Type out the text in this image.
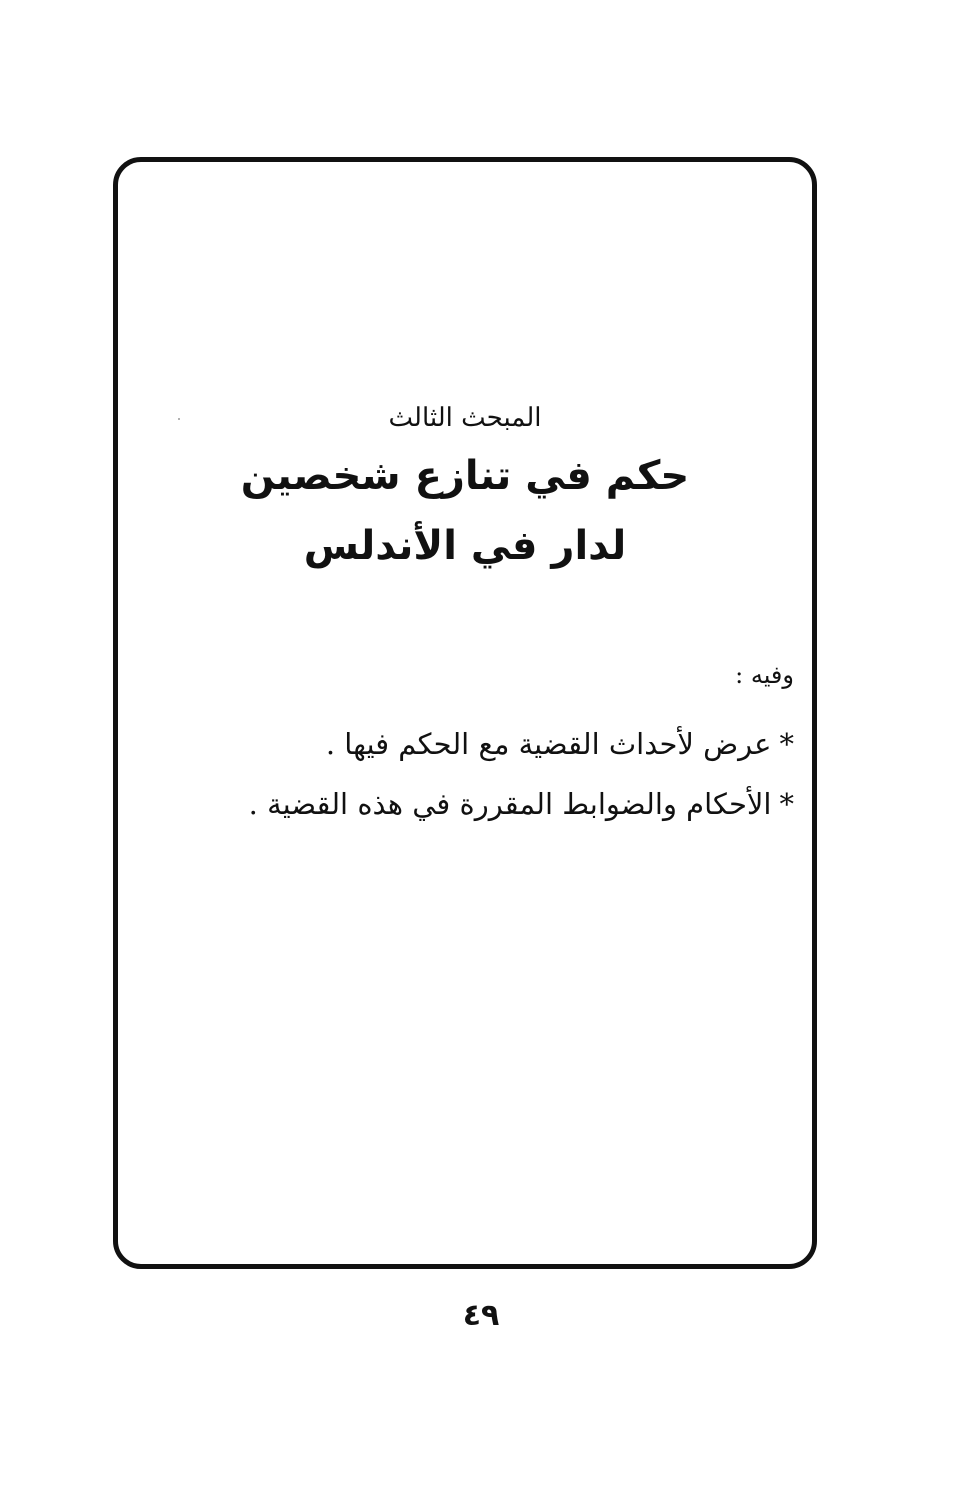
المبحث الثالث
حكم في تنازع شخصين
لدار في الأندلس
وفيه :
*عرض لأحداث القضية مع الحكم فيها .
*الأحكام والضوابط المقررة في هذه القضية .
٤٩
